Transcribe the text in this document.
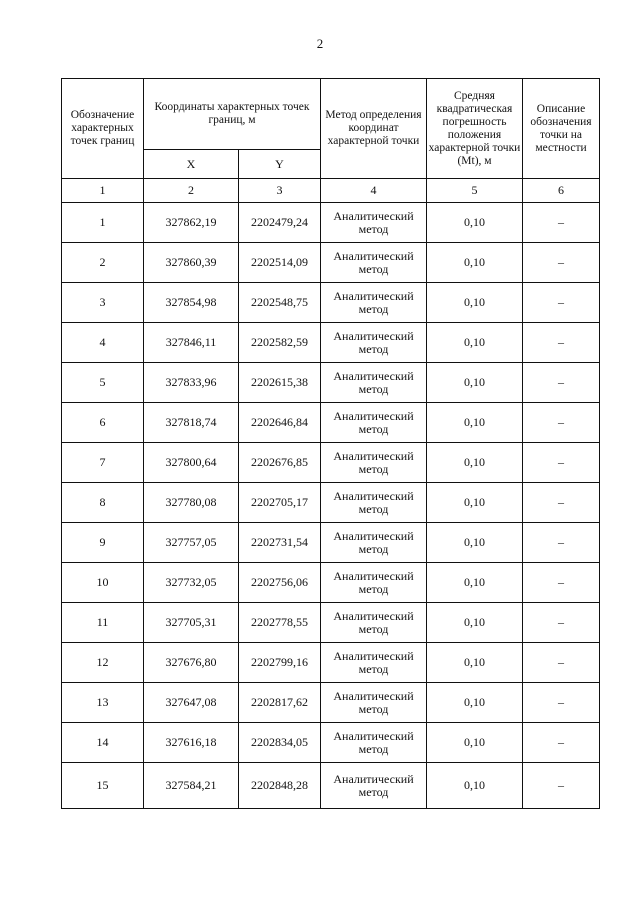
2
Обозначение характерных точек границ	Координаты характерных точек границ, м		Метод определения координат характерной точки	Средняя квадратическая погрешность положения характерной точки (Mt), м	Описание обозначения точки на местности
	X	Y			
1	2	3	4	5	6
1	327862,19	2202479,24	Аналитический метод	0,10	–
2	327860,39	2202514,09	Аналитический метод	0,10	–
3	327854,98	2202548,75	Аналитический метод	0,10	–
4	327846,11	2202582,59	Аналитический метод	0,10	–
5	327833,96	2202615,38	Аналитический метод	0,10	–
6	327818,74	2202646,84	Аналитический метод	0,10	–
7	327800,64	2202676,85	Аналитический метод	0,10	–
8	327780,08	2202705,17	Аналитический метод	0,10	–
9	327757,05	2202731,54	Аналитический метод	0,10	–
10	327732,05	2202756,06	Аналитический метод	0,10	–
11	327705,31	2202778,55	Аналитический метод	0,10	–
12	327676,80	2202799,16	Аналитический метод	0,10	–
13	327647,08	2202817,62	Аналитический метод	0,10	–
14	327616,18	2202834,05	Аналитический метод	0,10	–
15	327584,21	2202848,28	Аналитический метод	0,10	–
